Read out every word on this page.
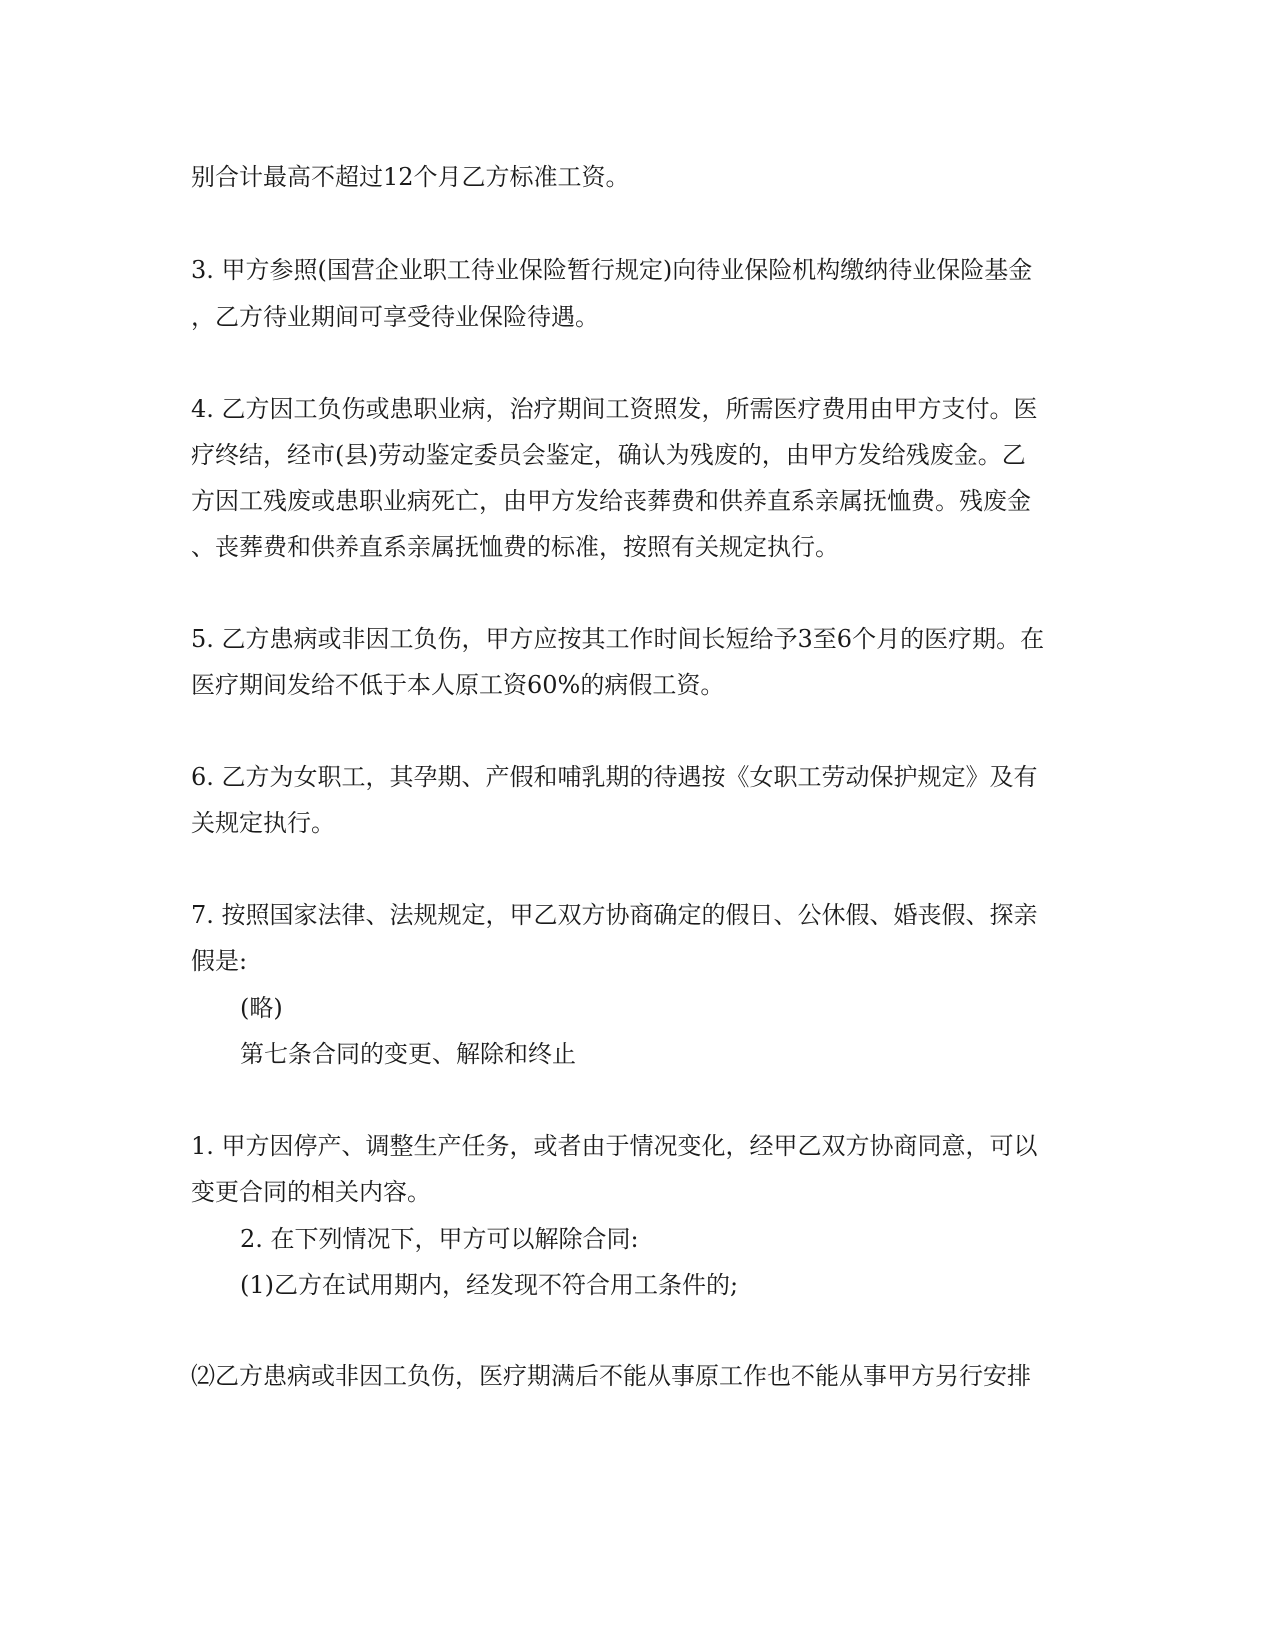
别合计最高不超过12个月乙方标准工资。
3. 甲方参照(国营企业职工待业保险暂行规定)向待业保险机构缴纳待业保险基金
，乙方待业期间可享受待业保险待遇。
4. 乙方因工负伤或患职业病，治疗期间工资照发，所需医疗费用由甲方支付。医
疗终结，经市(县)劳动鉴定委员会鉴定，确认为残废的，由甲方发给残废金。乙
方因工残废或患职业病死亡，由甲方发给丧葬费和供养直系亲属抚恤费。残废金
、丧葬费和供养直系亲属抚恤费的标准，按照有关规定执行。
5. 乙方患病或非因工负伤，甲方应按其工作时间长短给予3至6个月的医疗期。在
医疗期间发给不低于本人原工资60%的病假工资。
6. 乙方为女职工，其孕期、产假和哺乳期的待遇按《女职工劳动保护规定》及有
关规定执行。
7. 按照国家法律、法规规定，甲乙双方协商确定的假日、公休假、婚丧假、探亲
假是:
(略)
第七条合同的变更、解除和终止
1. 甲方因停产、调整生产任务，或者由于情况变化，经甲乙双方协商同意，可以
变更合同的相关内容。
2. 在下列情况下，甲方可以解除合同:
(1)乙方在试用期内，经发现不符合用工条件的;
⑵乙方患病或非因工负伤，医疗期满后不能从事原工作也不能从事甲方另行安排
